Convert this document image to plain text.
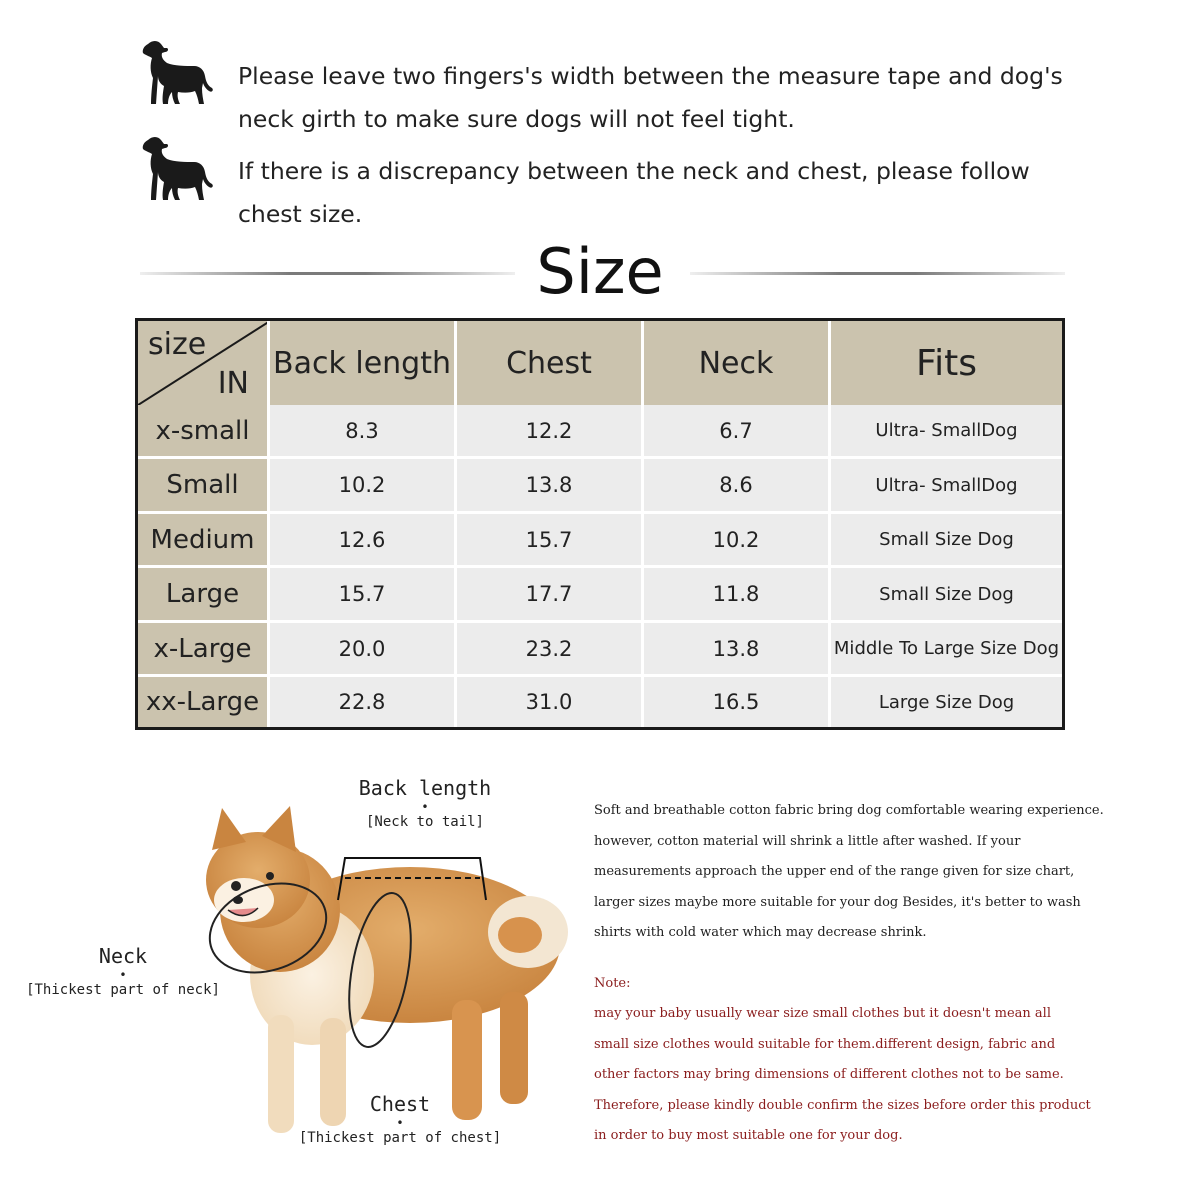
Please leave two fingers's width between the measure tape and dog's neck girth to make sure dogs will not feel tight.

If there is a discrepancy between the neck and chest, please follow chest size.

Size
size
IN	Back length	Chest	Neck	Fits
x-small	8.3	12.2	6.7	Ultra- SmallDog
Small	10.2	13.8	8.6	Ultra- SmallDog
Medium	12.6	15.7	10.2	Small Size Dog
Large	15.7	17.7	11.8	Small Size Dog
x-Large	20.0	23.2	13.8	Middle To Large Size Dog
xx-Large	22.8	31.0	16.5	Large Size Dog
Back length
•
[Neck to tail]
Neck
•
[Thickest part of neck]
Chest
•
[Thickest part of chest]

Soft and breathable cotton fabric bring dog comfortable wearing experience.

however, cotton material will shrink a little after washed. If your

measurements approach the upper end of the range given for size chart,

larger sizes maybe more suitable for your dog Besides, it's better to wash

shirts with cold water which may decrease shrink.

Note:

may your baby usually wear size small clothes but it doesn't mean all

small size clothes would suitable for them.different design, fabric and

other factors may bring dimensions of different clothes not to be same.

Therefore, please kindly double confirm the sizes before order this product

in order to buy most suitable one for your dog.
